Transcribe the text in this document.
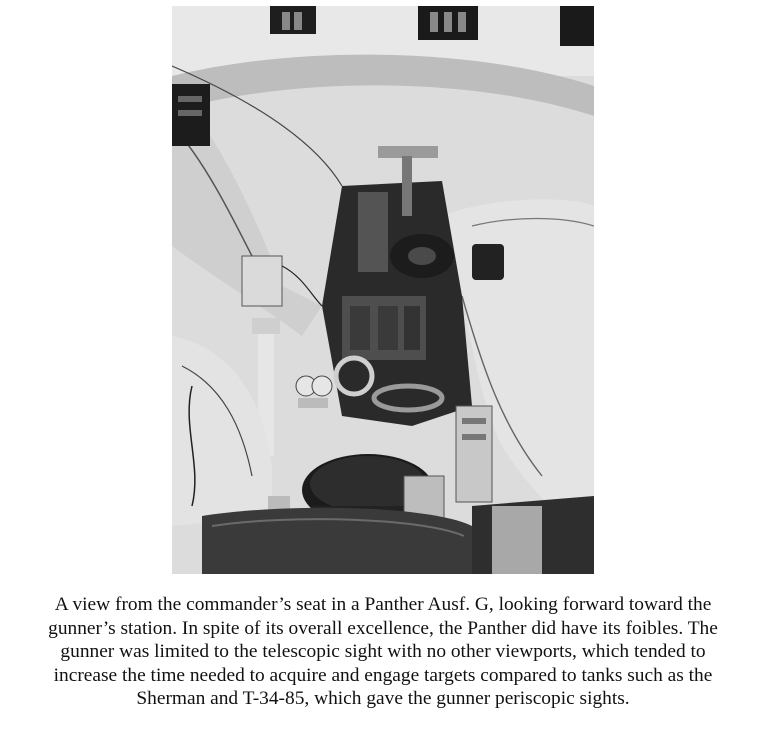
A view from the commander’s seat in a Panther Ausf. G, looking forward toward the
gunner’s station. In spite of its overall excellence, the Panther did have its foibles. The
gunner was limited to the telescopic sight with no other viewports, which tended to
increase the time needed to acquire and engage targets compared to tanks such as the
Sherman and T-34-85, which gave the gunner periscopic sights.
